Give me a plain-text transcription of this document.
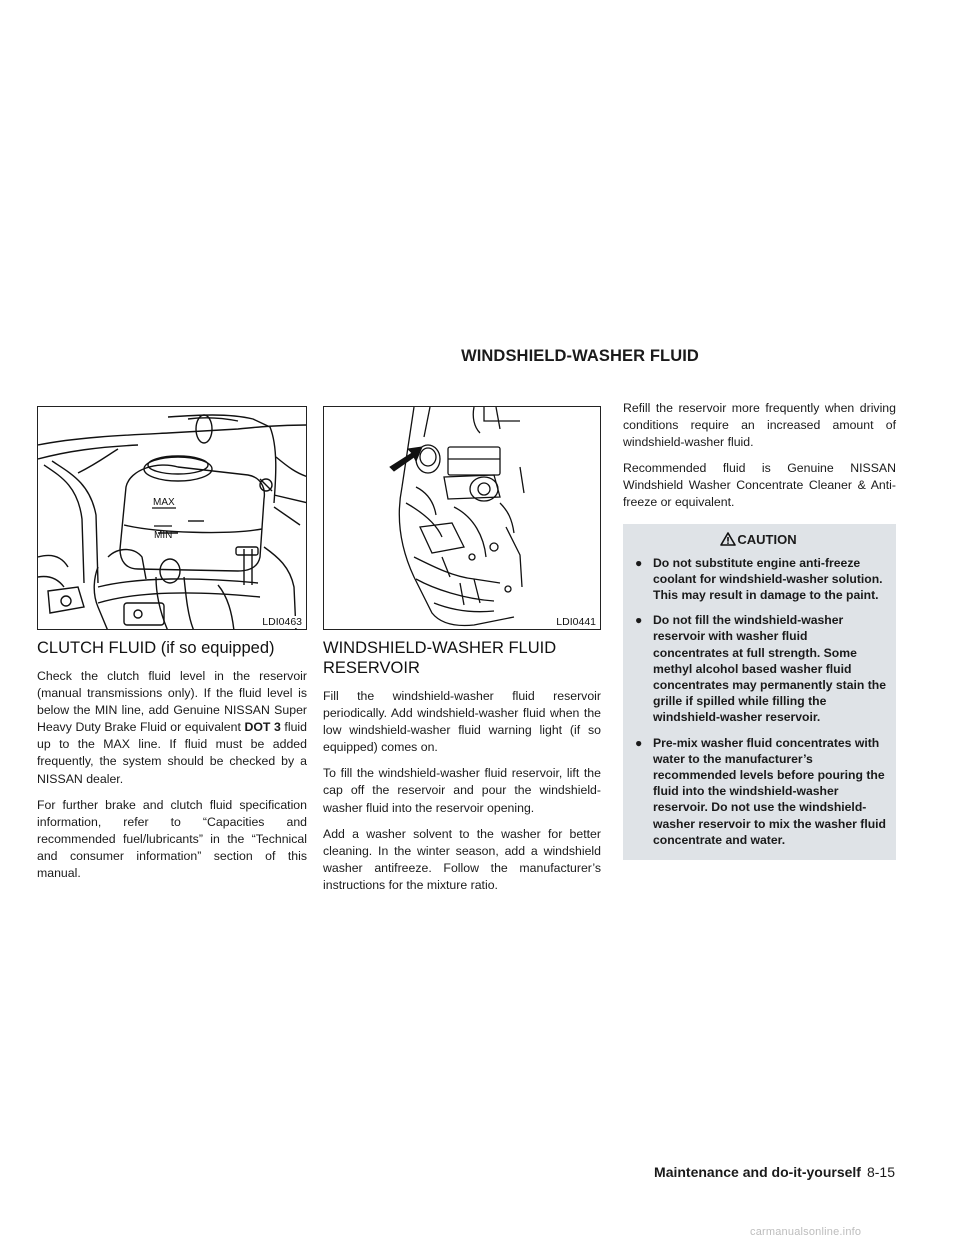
WINDSHIELD-WASHER FLUID
MAX
MIN
LDI0463
CLUTCH FLUID (if so equipped)

Check the clutch fluid level in the reservoir (manual transmissions only). If the fluid level is below the MIN line, add Genuine NISSAN Super Heavy Duty Brake Fluid or equivalent DOT 3 fluid up to the MAX line. If fluid must be added frequently, the system should be checked by a NISSAN dealer.

For further brake and clutch fluid specification information, refer to “Capacities and recommended fuel/lubricants” in the “Technical and consumer information” section of this manual.

LDI0441
WINDSHIELD-WASHER FLUID RESERVOIR

Fill the windshield-washer fluid reservoir periodically. Add windshield-washer fluid when the low windshield-washer fluid warning light (if so equipped) comes on.

To fill the windshield-washer fluid reservoir, lift the cap off the reservoir and pour the windshield-washer fluid into the reservoir opening.

Add a washer solvent to the washer for better cleaning. In the winter season, add a windshield washer antifreeze. Follow the manufacturer’s instructions for the mixture ratio.

Refill the reservoir more frequently when driving conditions require an increased amount of windshield-washer fluid.

Recommended fluid is Genuine NISSAN Windshield Washer Concentrate Cleaner & Anti-freeze or equivalent.

CAUTION
● Do not substitute engine anti-freeze coolant for windshield-washer solution. This may result in damage to the paint.
● Do not fill the windshield-washer reservoir with washer fluid concentrates at full strength. Some methyl alcohol based washer fluid concentrates may permanently stain the grille if spilled while filling the windshield-washer reservoir.
● Pre-mix washer fluid concentrates with water to the manufacturer’s recommended levels before pouring the fluid into the windshield-washer reservoir. Do not use the windshield-washer reservoir to mix the washer fluid concentrate and water.
Maintenance and do-it-yourself 8-15
carmanualsonline.info
